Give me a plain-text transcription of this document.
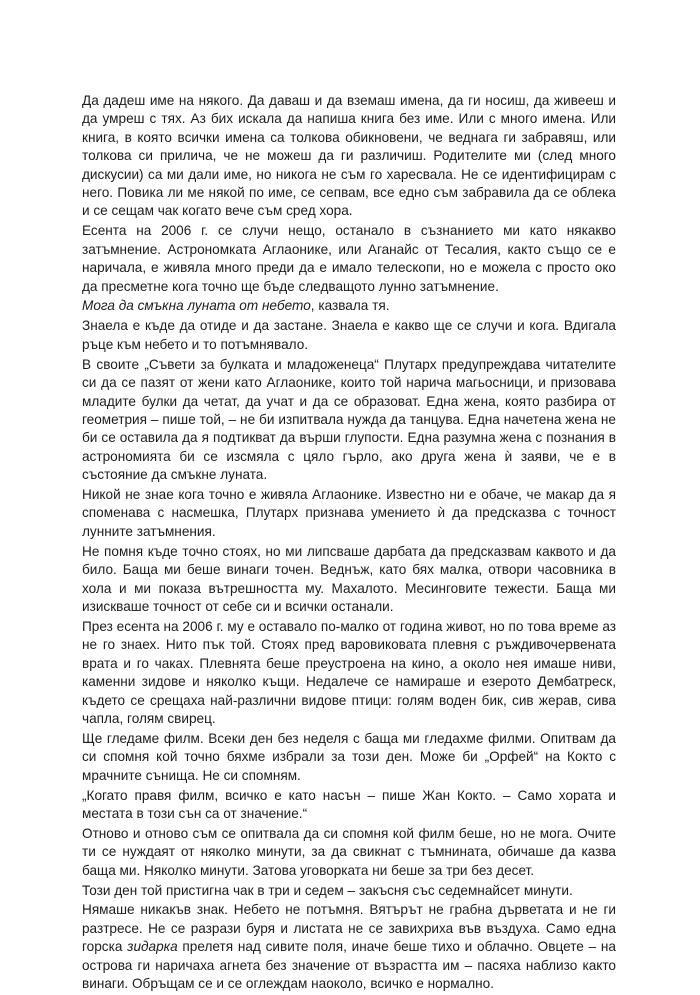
Да дадеш име на някого. Да даваш и да вземаш имена, да ги носиш, да живееш и да умреш с тях. Аз бих искала да напиша книга без име. Или с много имена. Или книга, в която всички имена са толкова обикновени, че веднага ги забравяш, или толкова си прилича, че не можеш да ги различиш. Родителите ми (след много дискусии) са ми дали име, но никога не съм го харесвала. Не се идентифицирам с него. Повика ли ме някой по име, се сепвам, все едно съм забравила да се облека и се сещам чак когато вече съм сред хора.

Есента на 2006 г. се случи нещо, останало в съзнанието ми като някакво затъмнение. Астрономката Аглаонике, или Аганайс от Тесалия, както също се е наричала, е живяла много преди да е имало телескопи, но е можела с просто око да пресметне кога точно ще бъде следващото лунно затъмнение.

Мога да смъкна луната от небето, казвала тя.

Знаела е къде да отиде и да застане. Знаела е какво ще се случи и кога. Вдигала ръце към небето и то потъмнявало.

В своите „Съвети за булката и младоженеца“ Плутарх предупреждава читателите си да се пазят от жени като Аглаонике, които той нарича магьосници, и призовава младите булки да четат, да учат и да се образоват. Една жена, която разбира от геометрия – пише той, – не би изпитвала нужда да танцува. Една начетена жена не би се оставила да я подтикват да върши глупости. Една разумна жена с познания в астрономията би се изсмяла с цяло гърло, ако друга жена ѝ заяви, че е в състояние да смъкне луната.

Никой не знае кога точно е живяла Аглаонике. Известно ни е обаче, че макар да я споменава с насмешка, Плутарх признава умението ѝ да предсказва с точност лунните затъмнения.

Не помня къде точно стоях, но ми липсваше дарбата да предсказвам каквото и да било. Баща ми беше винаги точен. Веднъж, като бях малка, отвори часовника в хола и ми показа вътрешността му. Махалото. Месинговите тежести. Баща ми изискваше точност от себе си и всички останали.

През есента на 2006 г. му е оставало по-малко от година живот, но по това време аз не го знаех. Нито пък той. Стоях пред варовиковата плевня с ръждивочервената врата и го чаках. Плевнята беше преустроена на кино, а около нея имаше ниви, каменни зидове и няколко къщи. Недалече се намираше и езерото Дембатреск, където се срещаха най-различни видове птици: голям воден бик, сив жерав, сива чапла, голям свирец.

Ще гледаме филм. Всеки ден без неделя с баща ми гледахме филми. Опитвам да си спомня кой точно бяхме избрали за този ден. Може би „Орфей“ на Кокто с мрачните сънища. Не си спомням.

„Когато правя филм, всичко е като насън – пише Жан Кокто. – Само хората и местата в този сън са от значение.“

Отново и отново съм се опитвала да си спомня кой филм беше, но не мога. Очите ти се нуждаят от няколко минути, за да свикнат с тъмнината, обичаше да казва баща ми. Няколко минути. Затова уговорката ни беше за три без десет.

Този ден той пристигна чак в три и седем – закъсня със седемнайсет минути.

Нямаше никакъв знак. Небето не потъмня. Вятърът не грабна дърветата и не ги разтресе. Не се разрази буря и листата не се завихриха във въздуха. Само една горска зидарка прелетя над сивите поля, иначе беше тихо и облачно. Овцете – на острова ги наричаха агнета без значение от възрастта им – пасяха наблизо както винаги. Обръщам се и се оглеждам наоколо, всичко е нормално.
